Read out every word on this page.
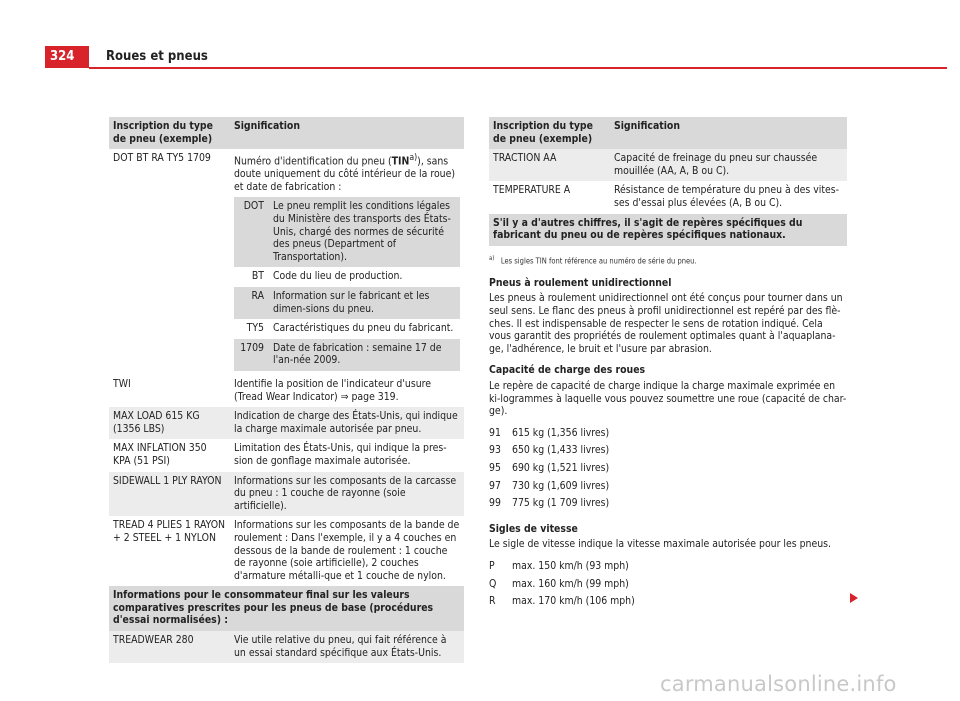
324	Roues et pneus
Inscription du type de pneu (exemple)	Signification
DOT BT RA TY5 1709	Numéro d'identification du pneu (TIN$^{a)}$), sans doute uniquement du côté intérieur de la roue) et date de fabrication :
DOT	Le pneu remplit les conditions légales du Ministère des transports des États-Unis, chargé des normes de sécurité des pneus (Department of Transportation).
BT	Code du lieu de production.
RA	Information sur le fabricant et les dimen-sions du pneu.
TY5	Caractéristiques du pneu du fabricant.
1709	Date de fabrication : semaine 17 de l'an-née 2009.

TWI	Identifie la position de l'indicateur d'usure (Tread Wear Indicator) ⇒ page 319.
MAX LOAD 615 KG (1356 LBS)	Indication de charge des États-Unis, qui indique la charge maximale autorisée par pneu.
MAX INFLATION 350 KPA (51 PSI)	Limitation des États-Unis, qui indique la pres-sion de gonflage maximale autorisée.
SIDEWALL 1 PLY RAYON	Informations sur les composants de la carcasse du pneu : 1 couche de rayonne (soie artificielle).
TREAD 4 PLIES 1 RAYON + 2 STEEL + 1 NYLON	Informations sur les composants de la bande de roulement : Dans l'exemple, il y a 4 couches en dessous de la bande de roulement : 1 couche de rayonne (soie artificielle), 2 couches d'armature métalli-que et 1 couche de nylon.
Informations pour le consommateur final sur les valeurs comparatives prescrites pour les pneus de base (procédures d'essai normalisées) :
TREADWEAR 280	Vie utile relative du pneu, qui fait référence à un essai standard spécifique aux États-Unis.
Inscription du type de pneu (exemple)	Signification
TRACTION AA	Capacité de freinage du pneu sur chaussée mouillée (AA, A, B ou C).
TEMPERATURE A	Résistance de température du pneu à des vites-ses d'essai plus élevées (A, B ou C).
S'il y a d'autres chiffres, il s'agit de repères spécifiques du fabricant du pneu ou de repères spécifiques nationaux.	
$^{a)}$ Les sigles TIN font référence au numéro de série du pneu.
Pneus à roulement unidirectionnel
Les pneus à roulement unidirectionnel ont été conçus pour tourner dans un seul sens. Le flanc des pneus à profil unidirectionnel est repéré par des flè-ches. Il est indispensable de respecter le sens de rotation indiqué. Cela vous garantit des propriétés de roulement optimales quant à l'aquaplana-ge, l'adhérence, le bruit et l'usure par abrasion.
Capacité de charge des roues
Le repère de capacité de charge indique la charge maximale exprimée en ki-logrammes à laquelle vous pouvez soumettre une roue (capacité de char-ge).
91	615 kg (1,356 livres)
93	650 kg (1,433 livres)
95	690 kg (1,521 livres)
97	730 kg (1,609 livres)
99	775 kg (1 709 livres)
Sigles de vitesse
Le sigle de vitesse indique la vitesse maximale autorisée pour les pneus.
P	max. 150 km/h (93 mph)
Q	max. 160 km/h (99 mph)
R	max. 170 km/h (106 mph)
carmanualsonline.info
